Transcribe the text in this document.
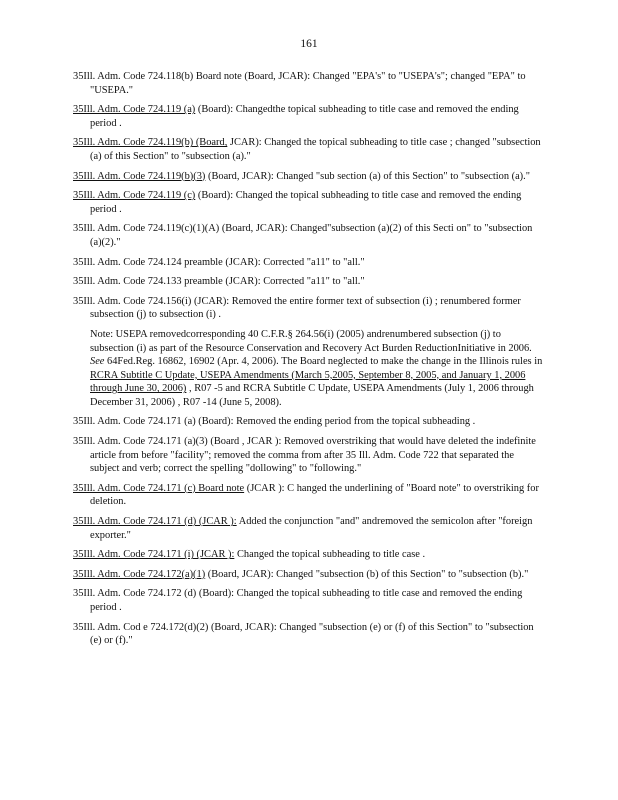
161
35Ill. Adm. Code 724.118(b) Board note (Board, JCAR): Changed "EPA's" to "USEPA's"; changed "EPA" to "USEPA."
35Ill. Adm. Code 724.119 (a) (Board): Changedthe topical subheading to title case and removed the ending period .
35Ill. Adm. Code 724.119(b) (Board, JCAR): Changed the topical subheading to title case ; changed "subsection (a) of this Section" to "subsection (a)."
35Ill. Adm. Code 724.119(b)(3) (Board, JCAR): Changed "sub section (a) of this Section" to "subsection (a)."
35Ill. Adm. Code 724.119 (c) (Board): Changed the topical subheading to title case and removed the ending period .
35Ill. Adm. Code 724.119(c)(1)(A) (Board, JCAR): Changed"subsection (a)(2) of this Secti on" to "subsection (a)(2)."
35Ill. Adm. Code 724.124 preamble (JCAR): Corrected "a11" to "all."
35Ill. Adm. Code 724.133 preamble (JCAR): Corrected "a11" to "all."
35Ill. Adm. Code 724.156(i) (JCAR): Removed the entire former text of subsection (i) ; renumbered former subsection (j) to subsection (i) .
Note: USEPA removedcorresponding 40 C.F.R.§ 264.56(i) (2005) andrenumbered subsection (j) to subsection (i) as part of the Resource Conservation and Recovery Act Burden ReductionInitiative in 2006. See 64Fed.Reg. 16862, 16902 (Apr. 4, 2006). The Board neglected to make the change in the Illinois rules in RCRA Subtitle C Update, USEPA Amendments (March 5,2005, September 8, 2005, and January 1, 2006 through June 30, 2006) , R07 -5 and RCRA Subtitle C Update, USEPA Amendments (July 1, 2006 through December 31, 2006) , R07 -14 (June 5, 2008).
35Ill. Adm. Code 724.171 (a) (Board): Removed the ending period from the topical subheading .
35Ill. Adm. Code 724.171 (a)(3) (Board , JCAR ): Removed overstriking that would have deleted the indefinite article from before "facility"; removed the comma from after 35 Ill. Adm. Code 722 that separated the subject and verb; correct the spelling "dollowing" to "following."
35Ill. Adm. Code 724.171 (c) Board note (JCAR ): C hanged the underlining of "Board note" to overstriking for deletion.
35Ill. Adm. Code 724.171 (d) (JCAR ): Added the conjunction "and" andremoved the semicolon after "foreign exporter."
35Ill. Adm. Code 724.171 (i) (JCAR ): Changed the topical subheading to title case .
35Ill. Adm. Code 724.172(a)(1) (Board, JCAR): Changed "subsection (b) of this Section" to "subsection (b)."
35Ill. Adm. Code 724.172 (d) (Board): Changed the topical subheading to title case and removed the ending period .
35Ill. Adm. Cod e 724.172(d)(2) (Board, JCAR): Changed "subsection (e) or (f) of this Section" to "subsection (e) or (f)."
